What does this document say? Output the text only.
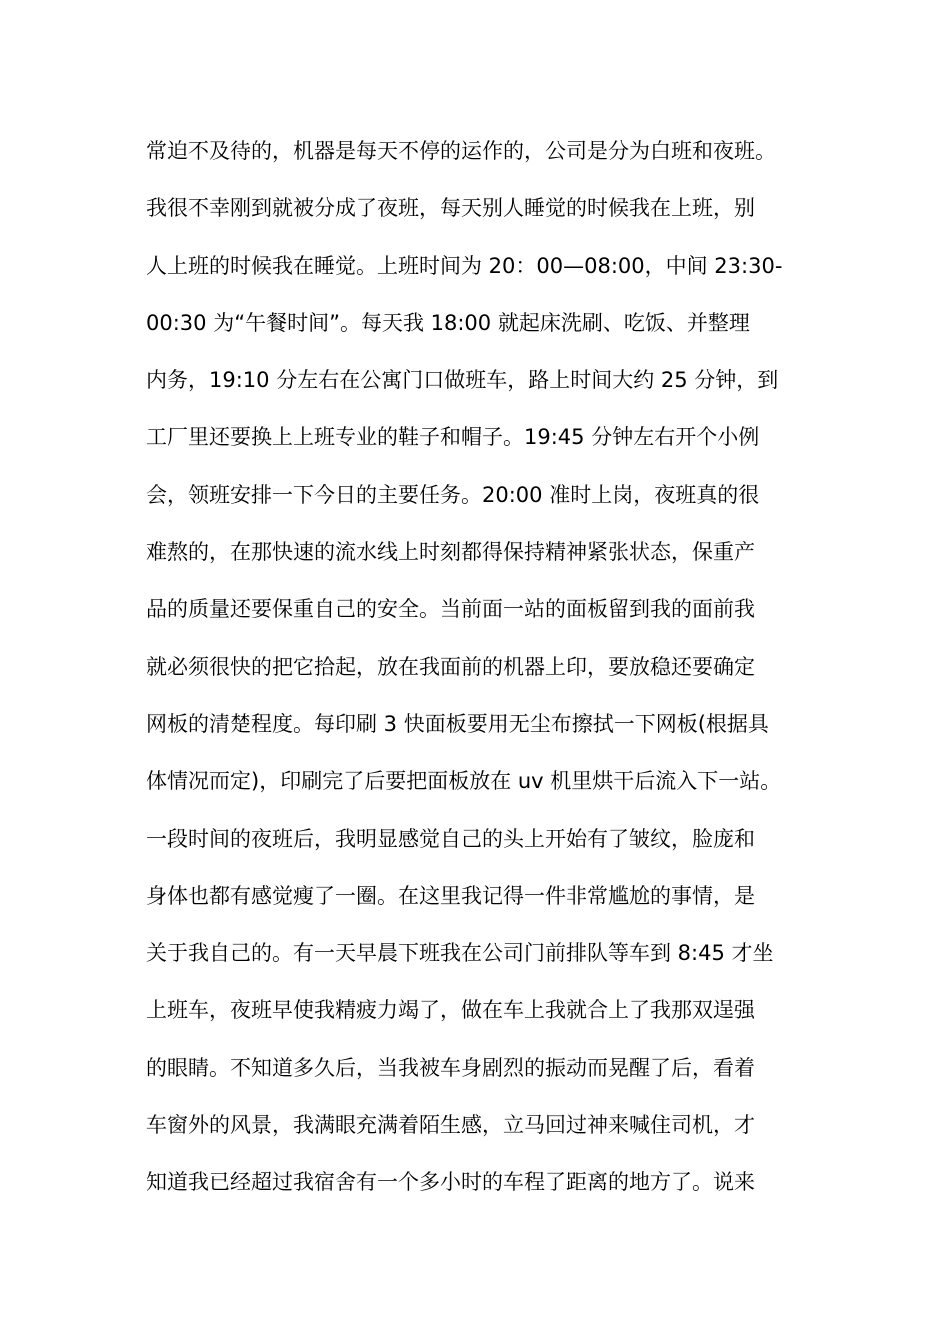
常迫不及待的，机器是每天不停的运作的，公司是分为白班和夜班。
我很不幸刚到就被分成了夜班，每天别人睡觉的时候我在上班，别
人上班的时候我在睡觉。上班时间为 20：00—08:00，中间 23:30-
00:30 为“午餐时间”。每天我 18:00 就起床洗刷、吃饭、并整理
内务，19:10 分左右在公寓门口做班车，路上时间大约 25 分钟，到
工厂里还要换上上班专业的鞋子和帽子。19:45 分钟左右开个小例
会，领班安排一下今日的主要任务。20:00 准时上岗，夜班真的很
难熬的，在那快速的流水线上时刻都得保持精神紧张状态，保重产
品的质量还要保重自己的安全。当前面一站的面板留到我的面前我
就必须很快的把它拾起，放在我面前的机器上印，要放稳还要确定
网板的清楚程度。每印刷 3 快面板要用无尘布擦拭一下网板(根据具
体情况而定)，印刷完了后要把面板放在 uv 机里烘干后流入下一站。
一段时间的夜班后，我明显感觉自己的头上开始有了皱纹，脸庞和
身体也都有感觉瘦了一圈。在这里我记得一件非常尴尬的事情，是
关于我自己的。有一天早晨下班我在公司门前排队等车到 8:45 才坐
上班车，夜班早使我精疲力竭了，做在车上我就合上了我那双逞强
的眼睛。不知道多久后，当我被车身剧烈的振动而晃醒了后，看着
车窗外的风景，我满眼充满着陌生感，立马回过神来喊住司机，才
知道我已经超过我宿舍有一个多小时的车程了距离的地方了。说来
